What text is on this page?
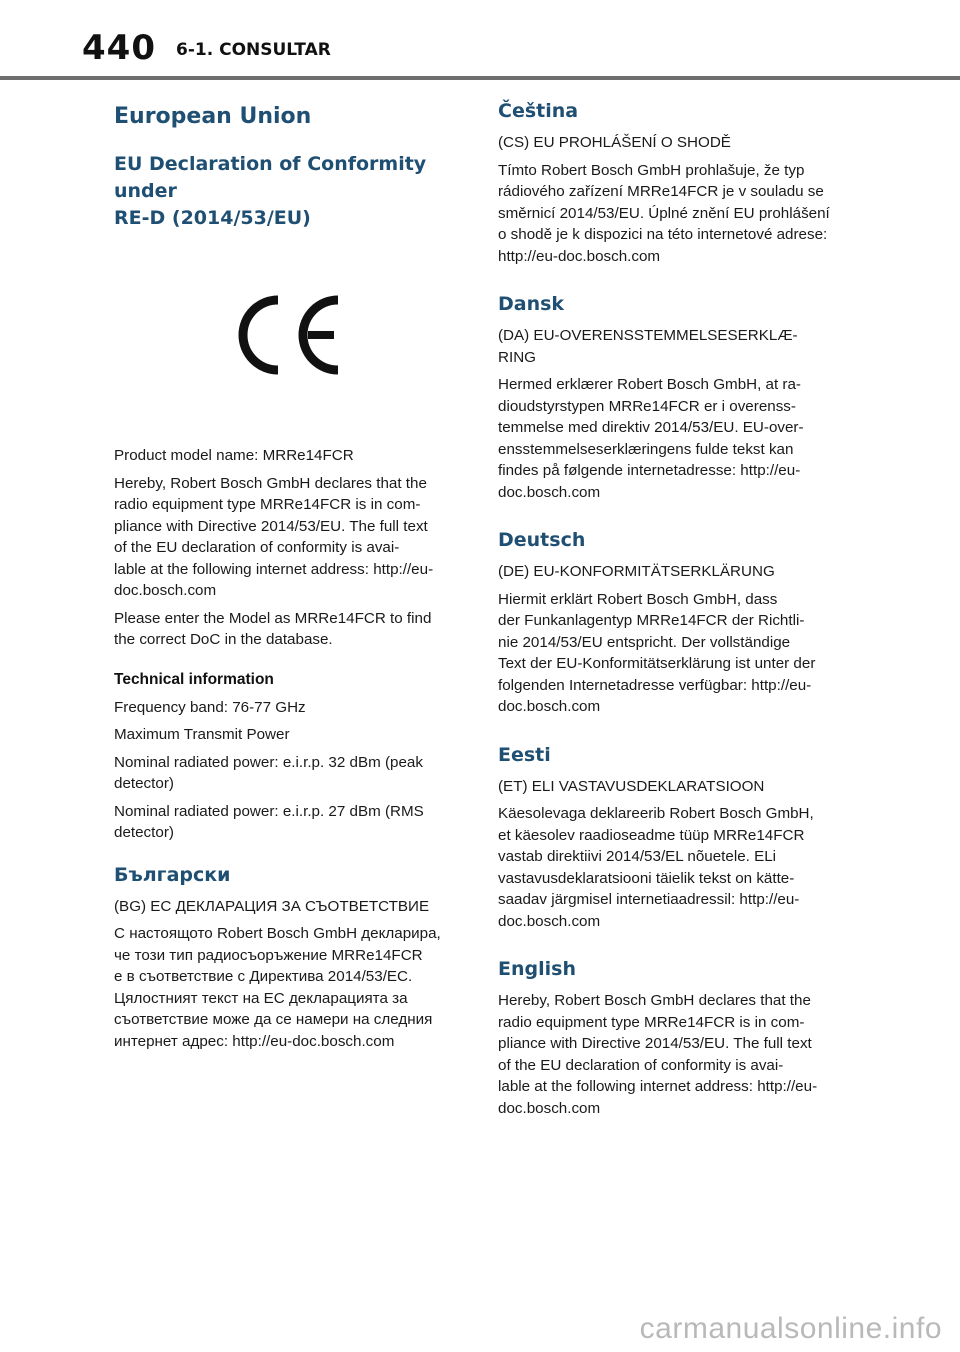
440 6-1. CONSULTAR
European Union
EU Declaration of Conformity under
RE-D (2014/53/EU)
Product model name: MRRe14FCR
Hereby, Robert Bosch GmbH declares that the
radio equipment type MRRe14FCR is in com-
pliance with Directive 2014/53/EU. The full text
of the EU declaration of conformity is avai-
lable at the following internet address: http://eu-
doc.bosch.com
Please enter the Model as MRRe14FCR to find
the correct DoC in the database.
Technical information
Frequency band: 76-77 GHz
Maximum Transmit Power
Nominal radiated power: e.i.r.p. 32 dBm (peak
detector)
Nominal radiated power: e.i.r.p. 27 dBm (RMS
detector)
Български
(BG) ЕС ДЕКЛАРАЦИЯ ЗА СЪОТВЕТСТВИЕ
С настоящото Robert Bosch GmbH декларира,
че този тип радиосъоръжение MRRe14FCR
е в съответствие с Директива 2014/53/ЕС.
Цялостният текст на ЕС декларацията за
съответствие може да се намери на следния
интернет адрес: http://eu-doc.bosch.com
Čeština
(CS) EU PROHLÁŠENÍ O SHODĚ
Tímto Robert Bosch GmbH prohlašuje, že typ
rádiového zařízení MRRe14FCR je v souladu se
směrnicí 2014/53/EU. Úplné znění EU prohlášení
o shodě je k dispozici na této internetové adrese:
http://eu-doc.bosch.com
Dansk
(DA) EU-OVERENSSTEMMELSESERKLÆ-
RING
Hermed erklærer Robert Bosch GmbH, at ra-
dioudstyrstypen MRRe14FCR er i overenss-
temmelse med direktiv 2014/53/EU. EU-over-
ensstemmelseserklæringens fulde tekst kan
findes på følgende internetadresse: http://eu-
doc.bosch.com
Deutsch
(DE) EU-KONFORMITÄTSERKLÄRUNG
Hiermit erklärt Robert Bosch GmbH, dass
der Funkanlagentyp MRRe14FCR der Richtli-
nie 2014/53/EU entspricht. Der vollständige
Text der EU-Konformitätserklärung ist unter der
folgenden Internetadresse verfügbar: http://eu-
doc.bosch.com
Eesti
(ET) ELI VASTAVUSDEKLARATSIOON
Käesolevaga deklareerib Robert Bosch GmbH,
et käesolev raadioseadme tüüp MRRe14FCR
vastab direktiivi 2014/53/EL nõuetele. ELi
vastavusdeklaratsiooni täielik tekst on kätte-
saadav järgmisel internetiaadressil: http://eu-
doc.bosch.com
English
Hereby, Robert Bosch GmbH declares that the
radio equipment type MRRe14FCR is in com-
pliance with Directive 2014/53/EU. The full text
of the EU declaration of conformity is avai-
lable at the following internet address: http://eu-
doc.bosch.com
carmanualsonline.info
